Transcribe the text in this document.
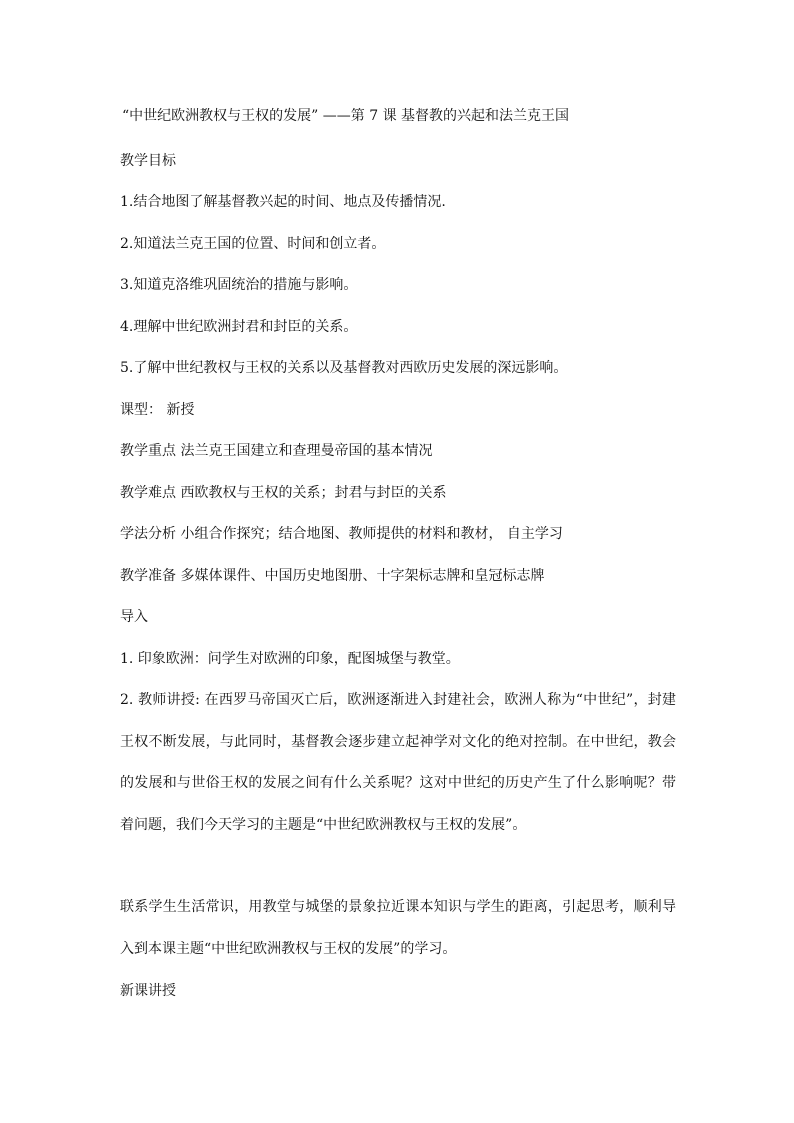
“中世纪欧洲教权与王权的发展” ——第 7 课 基督教的兴起和法兰克王国
教学目标
1.结合地图了解基督教兴起的时间、地点及传播情况.
2.知道法兰克王国的位置、时间和创立者。
3.知道克洛维巩固统治的措施与影响。
4.理解中世纪欧洲封君和封臣的关系。
5.了解中世纪教权与王权的关系以及基督教对西欧历史发展的深远影响。
课型： 新授
教学重点 法兰克王国建立和查理曼帝国的基本情况
教学难点 西欧教权与王权的关系；封君与封臣的关系
学法分析 小组合作探究；结合地图、教师提供的材料和教材， 自主学习
教学准备 多媒体课件、中国历史地图册、十字架标志牌和皇冠标志牌
导入
1. 印象欧洲：问学生对欧洲的印象，配图城堡与教堂。
2. 教师讲授: 在西罗马帝国灭亡后，欧洲逐渐进入封建社会，欧洲人称为“中世纪”，封建王权不断发展，与此同时，基督教会逐步建立起神学对文化的绝对控制。在中世纪，教会的发展和与世俗王权的发展之间有什么关系呢？这对中世纪的历史产生了什么影响呢？带着问题，我们今天学习的主题是“中世纪欧洲教权与王权的发展”。
联系学生生活常识，用教堂与城堡的景象拉近课本知识与学生的距离，引起思考，顺利导入到本课主题“中世纪欧洲教权与王权的发展”的学习。
新课讲授
